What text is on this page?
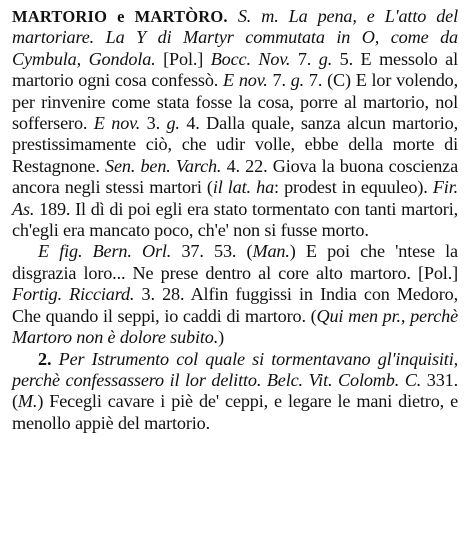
MARTORIO e MARTÒRO. S. m. La pena, e L'atto del martoriare. La Y di Martyr commutata in O, come da Cymbula, Gondola. [Pol.] Bocc. Nov. 7. g. 5. E messolo al martorio ogni cosa confessò. E nov. 7. g. 7. (C) E lor volendo, per rinvenire come stata fosse la cosa, porre al martorio, nol soffersero. E nov. 3. g. 4. Dalla quale, sanza alcun martorio, prestissimamente ciò, che udir volle, ebbe della morte di Restagnone. Sen. ben. Varch. 4. 22. Giova la buona coscienza ancora negli stessi martori (il lat. ha: prodest in equuleo). Fir. As. 189. Il dì di poi egli era stato tormentato con tanti martori, ch'egli era mancato poco, ch'e' non si fusse morto.

E fig. Bern. Orl. 37. 53. (Man.) E poi che 'ntese la disgrazia loro... Ne prese dentro al core alto martoro. [Pol.] Fortig. Ricciard. 3. 28. Alfin fuggissi in India con Medoro, Che quando il seppi, io caddi di martoro. (Qui men pr., perchè Martoro non è dolore subito.)

2. Per Istrumento col quale si tormentavano gl'inquisiti, perchè confessassero il lor delitto. Belc. Vit. Colomb. C. 331. (M.) Fecegli cavare i piè de' ceppi, e legare le mani dietro, e menollo appiè del martorio.
